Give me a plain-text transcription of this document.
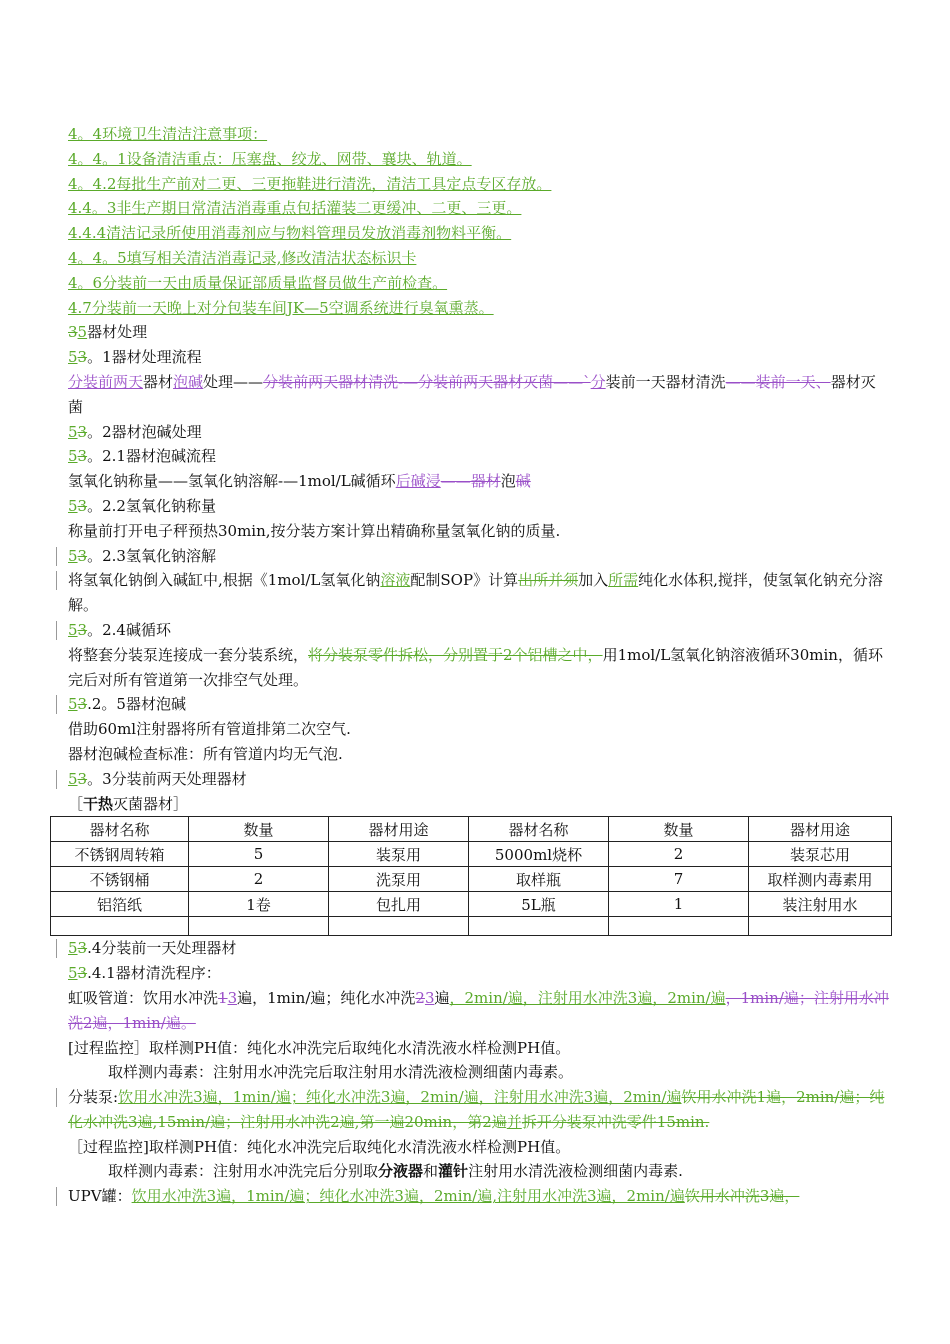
4。4环境卫生清洁注意事项：
4。4。1设备清洁重点：压塞盘、绞龙、网带、襄块、轨道。
4。4.2每批生产前对二更、三更拖鞋进行清洗，清洁工具定点专区存放。
4.4。3非生产期日常清洁消毒重点包括灌装二更缓冲、二更、三更。
4.4.4清洁记录所使用消毒剂应与物料管理员发放消毒剂物料平衡。
4。4。5填写相关清洁消毒记录,修改清洁状态标识卡
4。6分装前一天由质量保证部质量监督员做生产前检查。
4.7分装前一天晚上对分包装车间JK—5空调系统进行臭氧熏蒸。
35器材处理
53。1器材处理流程
分装前两天器材泡碱处理——分装前两天器材清洗-—分装前两天器材灭菌——`分装前一天器材清洗——装前一天、器材灭菌
53。2器材泡碱处理
53。2.1器材泡碱流程
氢氧化钠称量——氢氧化钠溶解-—1mol/L碱循环后碱浸——器材泡碱
53。2.2氢氧化钠称量
称量前打开电子秤预热30min,按分装方案计算出精确称量氢氧化钠的质量.
53。2.3氢氧化钠溶解
将氢氧化钠倒入碱缸中,根据《1mol/L氢氧化钠溶液配制SOP》计算出所并须加入所需纯化水体积,搅拌，使氢氧化钠充分溶解。
53。2.4碱循环
将整套分装泵连接成一套分装系统，将分装泵零件拆松，分别置于2个铝槽之中，用1mol/L氢氧化钠溶液循环30min，循环完后对所有管道第一次排空气处理。
53.2。5器材泡碱
借助60ml注射器将所有管道排第二次空气.
器材泡碱检查标准：所有管道内均无气泡.
53。3分装前两天处理器材
［干热灭菌器材］
器材名称	数量	器材用途	器材名称	数量	器材用途
不锈钢周转箱	5	装泵用	5000ml烧杯	2	装泵芯用
不锈钢桶	2	洗泵用	取样瓶	7	取样测内毒素用
铝箔纸	1卷	包扎用	5L瓶	1	装注射用水

53.4分装前一天处理器材
53.4.1器材清洗程序：
虹吸管道：饮用水冲洗13遍，1min/遍；纯化水冲洗23遍，2min/遍，注射用水冲洗3遍，2min/遍，1min/遍；注射用水冲洗2遍，1min/遍。
[过程监控］取样测PH值：纯化水冲洗完后取纯化水清洗液水样检测PH值。
取样测内毒素：注射用水冲洗完后取注射用水清洗液检测细菌内毒素。
分装泵:饮用水冲洗3遍，1min/遍；纯化水冲洗3遍，2min/遍，注射用水冲洗3遍，2min/遍饮用水冲洗1遍，2min/遍；纯化水冲洗3遍,15min/遍；注射用水冲洗2遍,第一遍20min，第2遍并拆开分装泵冲洗零件15min.
［过程监控]取样测PH值：纯化水冲洗完后取纯化水清洗液水样检测PH值。
取样测内毒素：注射用水冲洗完后分别取分液器和灌针注射用水清洗液检测细菌内毒素.
UPV罐：饮用水冲洗3遍，1min/遍；纯化水冲洗3遍，2min/遍,注射用水冲洗3遍，2min/遍饮用水冲洗3遍，
